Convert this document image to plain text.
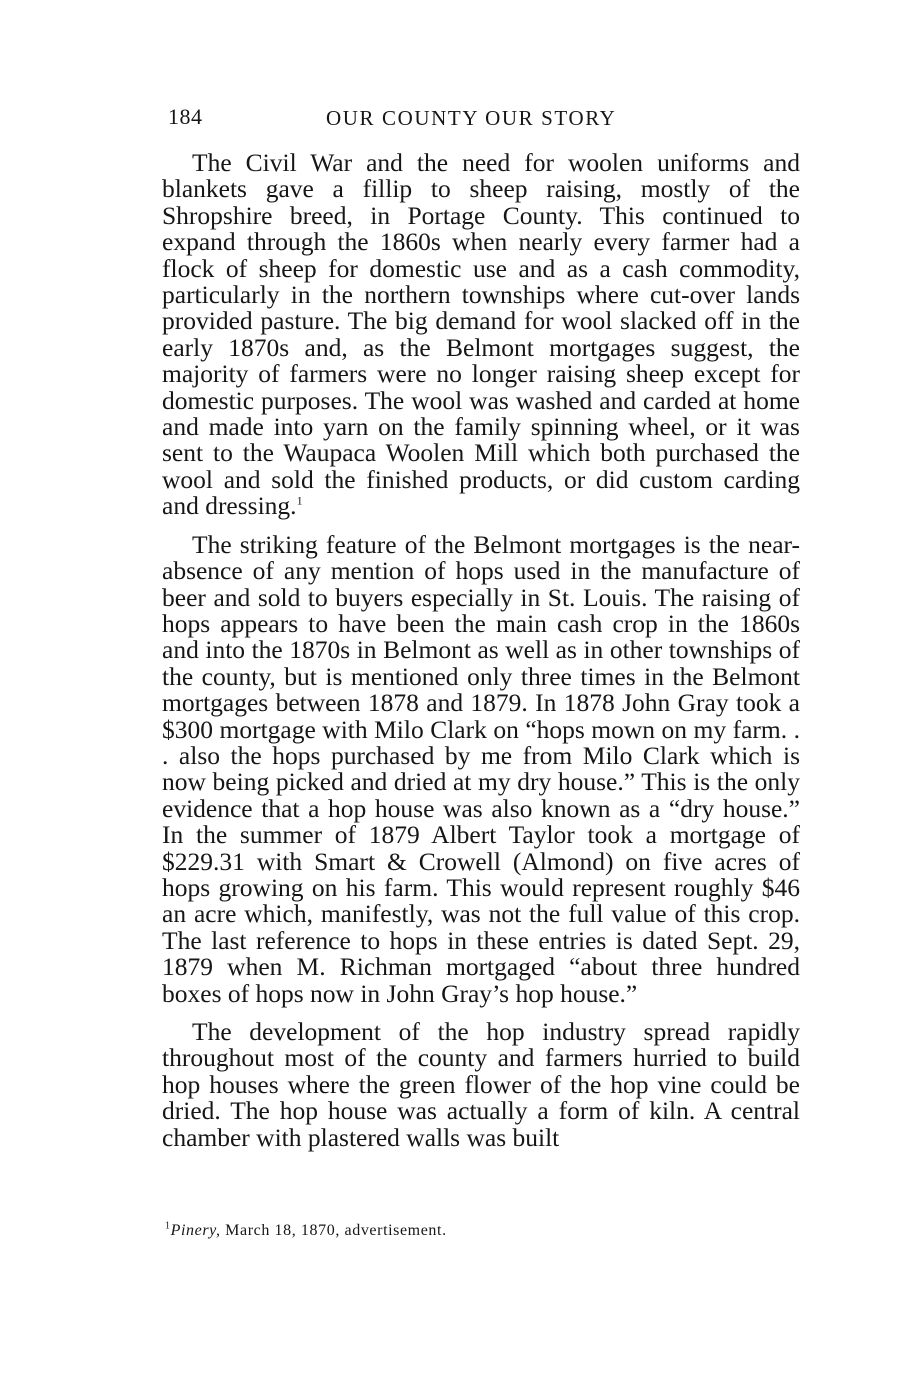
184	OUR COUNTY OUR STORY

The Civil War and the need for woolen uniforms and blankets gave a fillip to sheep raising, mostly of the Shropshire breed, in Portage County. This continued to expand through the 1860s when nearly every farmer had a flock of sheep for domestic use and as a cash commodity, particularly in the northern townships where cut-over lands provided pasture. The big demand for wool slacked off in the early 1870s and, as the Belmont mortgages suggest, the majority of farmers were no longer raising sheep except for domestic purposes. The wool was washed and carded at home and made into yarn on the family spinning wheel, or it was sent to the Waupaca Woolen Mill which both purchased the wool and sold the finished products, or did custom carding and dressing.$^1$

The striking feature of the Belmont mortgages is the near-absence of any mention of hops used in the manufacture of beer and sold to buyers especially in St. Louis. The raising of hops appears to have been the main cash crop in the 1860s and into the 1870s in Belmont as well as in other townships of the county, but is mentioned only three times in the Belmont mortgages between 1878 and 1879. In 1878 John Gray took a $300 mortgage with Milo Clark on “hops mown on my farm. . . also the hops purchased by me from Milo Clark which is now being picked and dried at my dry house.” This is the only evidence that a hop house was also known as a “dry house.” In the summer of 1879 Albert Taylor took a mortgage of $229.31 with Smart & Crowell (Almond) on five acres of hops growing on his farm. This would represent roughly $46 an acre which, manifestly, was not the full value of this crop. The last reference to hops in these entries is dated Sept. 29, 1879 when M. Richman mortgaged “about three hundred boxes of hops now in John Gray’s hop house.”

The development of the hop industry spread rapidly throughout most of the county and farmers hurried to build hop houses where the green flower of the hop vine could be dried. The hop house was actually a form of kiln. A central chamber with plastered walls was built

$^1$Pinery, March 18, 1870, advertisement.
